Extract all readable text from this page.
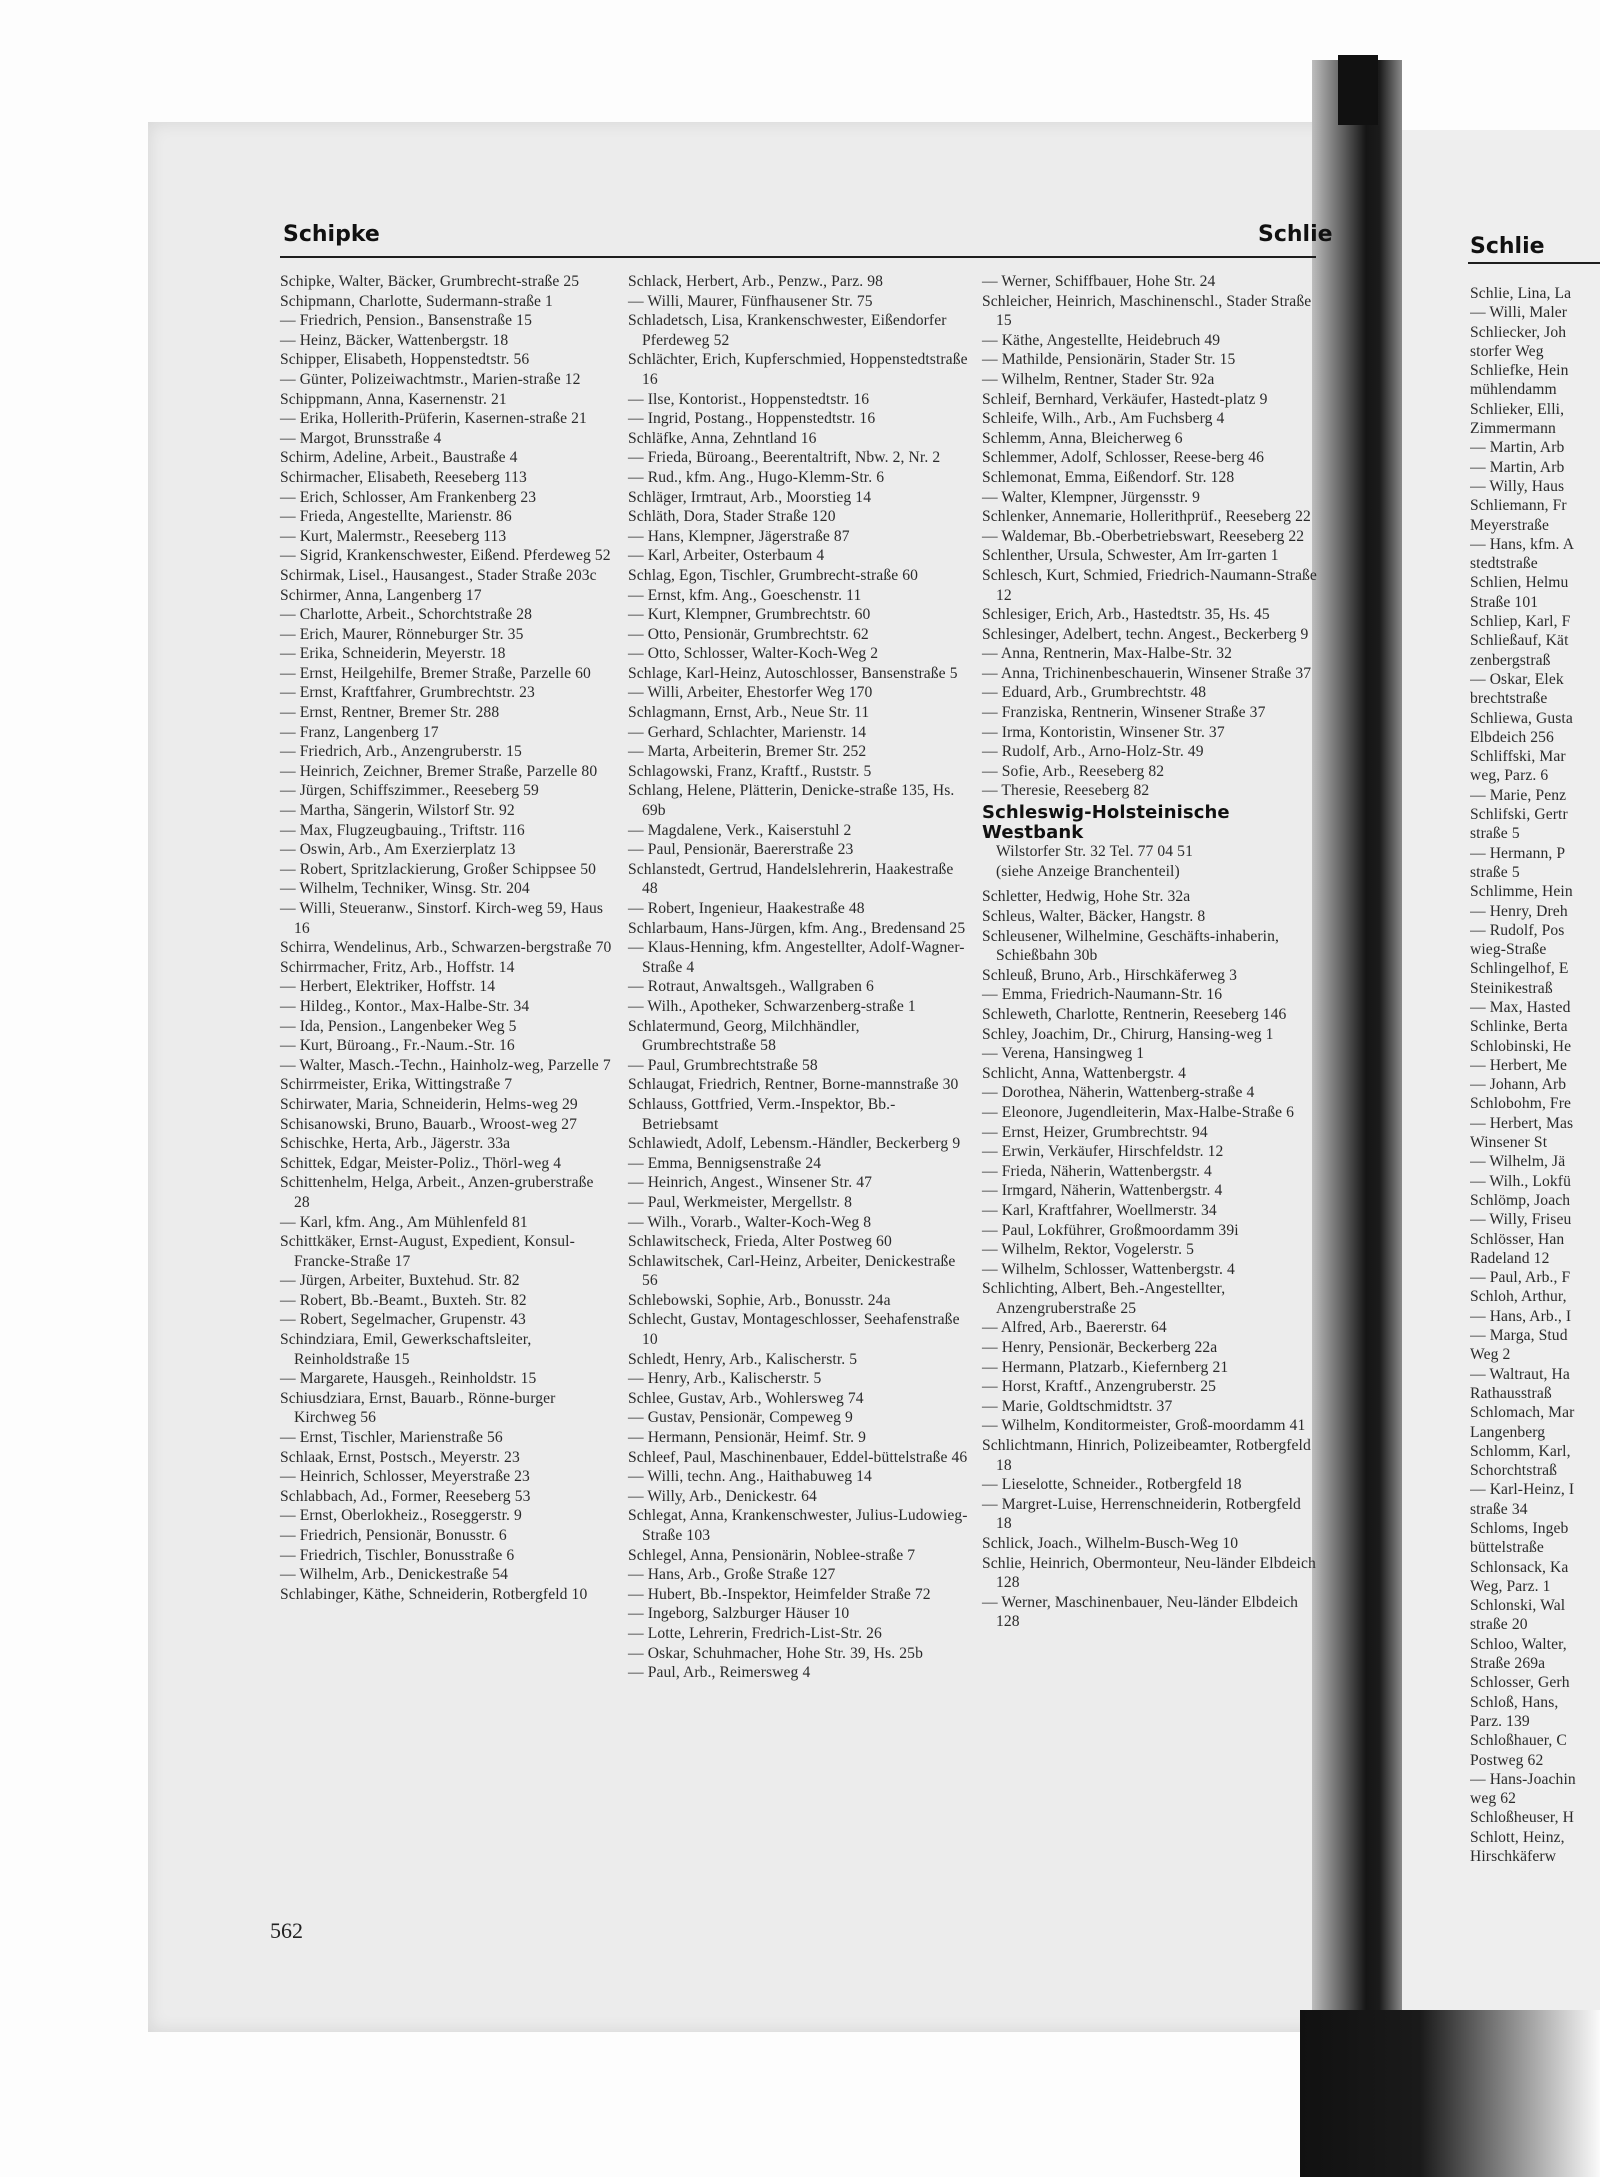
Schipke	Schlie
Schipke, Walter, Bäcker, Grumbrecht-straße 25
Schipmann, Charlotte, Sudermann-straße 1
— Friedrich, Pension., Bansenstraße 15
— Heinz, Bäcker, Wattenbergstr. 18
Schipper, Elisabeth, Hoppenstedtstr. 56
— Günter, Polizeiwachtmstr., Marien-straße 12
Schippmann, Anna, Kasernenstr. 21
— Erika, Hollerith-Prüferin, Kasernen-straße 21
— Margot, Brunsstraße 4
Schirm, Adeline, Arbeit., Baustraße 4
Schirmacher, Elisabeth, Reeseberg 113
— Erich, Schlosser, Am Frankenberg 23
— Frieda, Angestellte, Marienstr. 86
— Kurt, Malermstr., Reeseberg 113
— Sigrid, Krankenschwester, Eißend. Pferdeweg 52
Schirmak, Lisel., Hausangest., Stader Straße 203c
Schirmer, Anna, Langenberg 17
— Charlotte, Arbeit., Schorchtstraße 28
— Erich, Maurer, Rönneburger Str. 35
— Erika, Schneiderin, Meyerstr. 18
— Ernst, Heilgehilfe, Bremer Straße, Parzelle 60
— Ernst, Kraftfahrer, Grumbrechtstr. 23
— Ernst, Rentner, Bremer Str. 288
— Franz, Langenberg 17
— Friedrich, Arb., Anzengruberstr. 15
— Heinrich, Zeichner, Bremer Straße, Parzelle 80
— Jürgen, Schiffszimmer., Reeseberg 59
— Martha, Sängerin, Wilstorf Str. 92
— Max, Flugzeugbauing., Triftstr. 116
— Oswin, Arb., Am Exerzierplatz 13
— Robert, Spritzlackierung, Großer Schippsee 50
— Wilhelm, Techniker, Winsg. Str. 204
— Willi, Steueranw., Sinstorf. Kirch-weg 59, Haus 16
Schirra, Wendelinus, Arb., Schwarzen-bergstraße 70
Schirrmacher, Fritz, Arb., Hoffstr. 14
— Herbert, Elektriker, Hoffstr. 14
— Hildeg., Kontor., Max-Halbe-Str. 34
— Ida, Pension., Langenbeker Weg 5
— Kurt, Büroang., Fr.-Naum.-Str. 16
— Walter, Masch.-Techn., Hainholz-weg, Parzelle 7
Schirrmeister, Erika, Wittingstraße 7
Schirwater, Maria, Schneiderin, Helms-weg 29
Schisanowski, Bruno, Bauarb., Wroost-weg 27
Schischke, Herta, Arb., Jägerstr. 33a
Schittek, Edgar, Meister-Poliz., Thörl-weg 4
Schittenhelm, Helga, Arbeit., Anzen-gruberstraße 28
— Karl, kfm. Ang., Am Mühlenfeld 81
Schittkäker, Ernst-August, Expedient, Konsul-Francke-Straße 17
— Jürgen, Arbeiter, Buxtehud. Str. 82
— Robert, Bb.-Beamt., Buxteh. Str. 82
— Robert, Segelmacher, Grupenstr. 43
Schindziara, Emil, Gewerkschaftsleiter, Reinholdstraße 15
— Margarete, Hausgeh., Reinholdstr. 15
Schiusdziara, Ernst, Bauarb., Rönne-burger Kirchweg 56
— Ernst, Tischler, Marienstraße 56
Schlaak, Ernst, Postsch., Meyerstr. 23
— Heinrich, Schlosser, Meyerstraße 23
Schlabbach, Ad., Former, Reeseberg 53
— Ernst, Oberlokheiz., Roseggerstr. 9
— Friedrich, Pensionär, Bonusstr. 6
— Friedrich, Tischler, Bonusstraße 6
— Wilhelm, Arb., Denickestraße 54
Schlabinger, Käthe, Schneiderin, Rotbergfeld 10
Schlack, Herbert, Arb., Penzw., Parz. 98
— Willi, Maurer, Fünfhausener Str. 75
Schladetsch, Lisa, Krankenschwester, Eißendorfer Pferdeweg 52
Schlächter, Erich, Kupferschmied, Hoppenstedtstraße 16
— Ilse, Kontorist., Hoppenstedtstr. 16
— Ingrid, Postang., Hoppenstedtstr. 16
Schläfke, Anna, Zehntland 16
— Frieda, Büroang., Beerentaltrift, Nbw. 2, Nr. 2
— Rud., kfm. Ang., Hugo-Klemm-Str. 6
Schläger, Irmtraut, Arb., Moorstieg 14
Schläth, Dora, Stader Straße 120
— Hans, Klempner, Jägerstraße 87
— Karl, Arbeiter, Osterbaum 4
Schlag, Egon, Tischler, Grumbrecht-straße 60
— Ernst, kfm. Ang., Goeschenstr. 11
— Kurt, Klempner, Grumbrechtstr. 60
— Otto, Pensionär, Grumbrechtstr. 62
— Otto, Schlosser, Walter-Koch-Weg 2
Schlage, Karl-Heinz, Autoschlosser, Bansenstraße 5
— Willi, Arbeiter, Ehestorfer Weg 170
Schlagmann, Ernst, Arb., Neue Str. 11
— Gerhard, Schlachter, Marienstr. 14
— Marta, Arbeiterin, Bremer Str. 252
Schlagowski, Franz, Kraftf., Ruststr. 5
Schlang, Helene, Plätterin, Denicke-straße 135, Hs. 69b
— Magdalene, Verk., Kaiserstuhl 2
— Paul, Pensionär, Baererstraße 23
Schlanstedt, Gertrud, Handelslehrerin, Haakestraße 48
— Robert, Ingenieur, Haakestraße 48
Schlarbaum, Hans-Jürgen, kfm. Ang., Bredensand 25
— Klaus-Henning, kfm. Angestellter, Adolf-Wagner-Straße 4
— Rotraut, Anwaltsgeh., Wallgraben 6
— Wilh., Apotheker, Schwarzenberg-straße 1
Schlatermund, Georg, Milchhändler, Grumbrechtstraße 58
— Paul, Grumbrechtstraße 58
Schlaugat, Friedrich, Rentner, Borne-mannstraße 30
Schlauss, Gottfried, Verm.-Inspektor, Bb.-Betriebsamt
Schlawiedt, Adolf, Lebensm.-Händler, Beckerberg 9
— Emma, Bennigsenstraße 24
— Heinrich, Angest., Winsener Str. 47
— Paul, Werkmeister, Mergellstr. 8
— Wilh., Vorarb., Walter-Koch-Weg 8
Schlawitscheck, Frieda, Alter Postweg 60
Schlawitschek, Carl-Heinz, Arbeiter, Denickestraße 56
Schlebowski, Sophie, Arb., Bonusstr. 24a
Schlecht, Gustav, Montageschlosser, Seehafenstraße 10
Schledt, Henry, Arb., Kalischerstr. 5
— Henry, Arb., Kalischerstr. 5
Schlee, Gustav, Arb., Wohlersweg 74
— Gustav, Pensionär, Compeweg 9
— Hermann, Pensionär, Heimf. Str. 9
Schleef, Paul, Maschinenbauer, Eddel-büttelstraße 46
— Willi, techn. Ang., Haithabuweg 14
— Willy, Arb., Denickestr. 64
Schlegat, Anna, Krankenschwester, Julius-Ludowieg-Straße 103
Schlegel, Anna, Pensionärin, Noblee-straße 7
— Hans, Arb., Große Straße 127
— Hubert, Bb.-Inspektor, Heimfelder Straße 72
— Ingeborg, Salzburger Häuser 10
— Lotte, Lehrerin, Fredrich-List-Str. 26
— Oskar, Schuhmacher, Hohe Str. 39, Hs. 25b
— Paul, Arb., Reimersweg 4
— Werner, Schiffbauer, Hohe Str. 24
Schleicher, Heinrich, Maschinenschl., Stader Straße 15
— Käthe, Angestellte, Heidebruch 49
— Mathilde, Pensionärin, Stader Str. 15
— Wilhelm, Rentner, Stader Str. 92a
Schleif, Bernhard, Verkäufer, Hastedt-platz 9
Schleife, Wilh., Arb., Am Fuchsberg 4
Schlemm, Anna, Bleicherweg 6
Schlemmer, Adolf, Schlosser, Reese-berg 46
Schlemonat, Emma, Eißendorf. Str. 128
— Walter, Klempner, Jürgensstr. 9
Schlenker, Annemarie, Hollerithprüf., Reeseberg 22
— Waldemar, Bb.-Oberbetriebswart, Reeseberg 22
Schlenther, Ursula, Schwester, Am Irr-garten 1
Schlesch, Kurt, Schmied, Friedrich-Naumann-Straße 12
Schlesiger, Erich, Arb., Hastedtstr. 35, Hs. 45
Schlesinger, Adelbert, techn. Angest., Beckerberg 9
— Anna, Rentnerin, Max-Halbe-Str. 32
— Anna, Trichinenbeschauerin, Winsener Straße 37
— Eduard, Arb., Grumbrechtstr. 48
— Franziska, Rentnerin, Winsener Straße 37
— Irma, Kontoristin, Winsener Str. 37
— Rudolf, Arb., Arno-Holz-Str. 49
— Sofie, Arb., Reeseberg 82
— Theresie, Reeseberg 82
Schleswig-Holsteinische Westbank
Wilstorfer Str. 32 Tel. 77 04 51
(siehe Anzeige Branchenteil)
Schletter, Hedwig, Hohe Str. 32a
Schleus, Walter, Bäcker, Hangstr. 8
Schleusener, Wilhelmine, Geschäfts-inhaberin, Schießbahn 30b
Schleuß, Bruno, Arb., Hirschkäferweg 3
— Emma, Friedrich-Naumann-Str. 16
Schleweth, Charlotte, Rentnerin, Reeseberg 146
Schley, Joachim, Dr., Chirurg, Hansing-weg 1
— Verena, Hansingweg 1
Schlicht, Anna, Wattenbergstr. 4
— Dorothea, Näherin, Wattenberg-straße 4
— Eleonore, Jugendleiterin, Max-Halbe-Straße 6
— Ernst, Heizer, Grumbrechtstr. 94
— Erwin, Verkäufer, Hirschfeldstr. 12
— Frieda, Näherin, Wattenbergstr. 4
— Irmgard, Näherin, Wattenbergstr. 4
— Karl, Kraftfahrer, Woellmerstr. 34
— Paul, Lokführer, Großmoordamm 39i
— Wilhelm, Rektor, Vogelerstr. 5
— Wilhelm, Schlosser, Wattenbergstr. 4
Schlichting, Albert, Beh.-Angestellter, Anzengruberstraße 25
— Alfred, Arb., Baererstr. 64
— Henry, Pensionär, Beckerberg 22a
— Hermann, Platzarb., Kiefernberg 21
— Horst, Kraftf., Anzengruberstr. 25
— Marie, Goldtschmidtstr. 37
— Wilhelm, Konditormeister, Groß-moordamm 41
Schlichtmann, Hinrich, Polizeibeamter, Rotbergfeld 18
— Lieselotte, Schneider., Rotbergfeld 18
— Margret-Luise, Herrenschneiderin, Rotbergfeld 18
Schlick, Joach., Wilhelm-Busch-Weg 10
Schlie, Heinrich, Obermonteur, Neu-länder Elbdeich 128
— Werner, Maschinenbauer, Neu-länder Elbdeich 128
562
Schlie
Schlie, Lina, La
— Willi, Maler
Schliecker, Joh
storfer Weg
Schliefke, Hein
mühlendamm
Schlieker, Elli,
Zimmermann
— Martin, Arb
— Martin, Arb
— Willy, Haus
Schliemann, Fr
Meyerstraße
— Hans, kfm. A
stedtstraße
Schlien, Helmu
Straße 101
Schliep, Karl, F
Schließauf, Kät
zenbergstraß
— Oskar, Elek
brechtstraße
Schliewa, Gusta
Elbdeich 256
Schliffski, Mar
weg, Parz. 6
— Marie, Penz
Schlifski, Gertr
straße 5
— Hermann, P
straße 5
Schlimme, Hein
— Henry, Dreh
— Rudolf, Pos
wieg-Straße
Schlingelhof, E
Steinikestraß
— Max, Hasted
Schlinke, Berta
Schlobinski, He
— Herbert, Me
— Johann, Arb
Schlobohm, Fre
— Herbert, Mas
Winsener St
— Wilhelm, Jä
— Wilh., Lokfü
Schlömp, Joach
— Willy, Friseu
Schlösser, Han
Radeland 12
— Paul, Arb., F
Schloh, Arthur,
— Hans, Arb., I
— Marga, Stud
Weg 2
— Waltraut, Ha
Rathausstraß
Schlomach, Mar
Langenberg
Schlomm, Karl,
Schorchtstraß
— Karl-Heinz, I
straße 34
Schloms, Ingeb
büttelstraße
Schlonsack, Ka
Weg, Parz. 1
Schlonski, Wal
straße 20
Schloo, Walter,
Straße 269a
Schlosser, Gerh
Schloß, Hans,
Parz. 139
Schloßhauer, C
Postweg 62
— Hans-Joachin
weg 62
Schloßheuser, H
Schlott, Heinz,
Hirschkäferw
